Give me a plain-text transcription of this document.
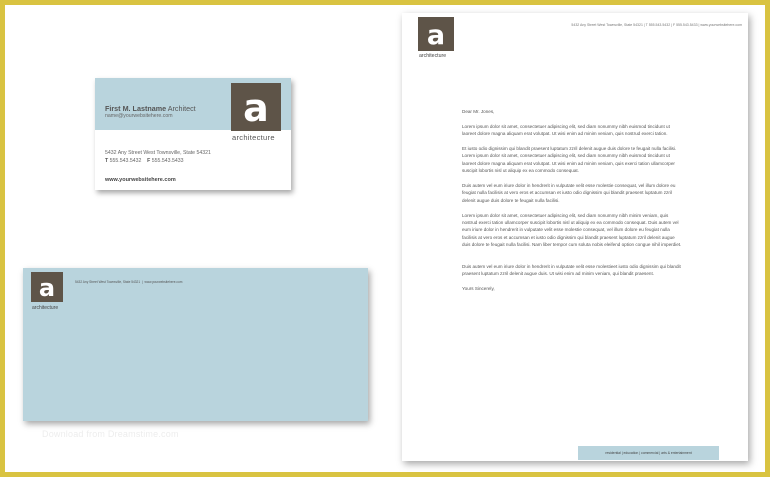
First M. Lastname Architect
name@yourwebsitehere.com	a
architecture
5432 Any Street West Townsville, State 54321
T 555.543.5432 F 555.543.5433
www.yourwebsitehere.com
a
architecture
5432 Any Street West Townsville, State 54321  |  www.yourwebsitehere.com
Download from Dreamstime.com
a
architecture
5432 Any Street West Townsville, State 54321 | T 555.543.5432 | F 555.543.5433 | www.yourwebsitehere.com

Dear Mr. Jones,

Lorem ipsum dolor sit amet, consectetuer adipiscing elit, sed diam nonummy nibh euismod tincidunt ut laoreet dolore magna aliquam erat volutpat. Ut wisi enim ad minim veniam, quis nostrud exerci tation.

Et iusto odio dignissim qui blandit praesent luptatum zzril delenit augue duis dolore te feugait nulla facilisi. Lorem ipsum dolor sit amet, consectetuer adipiscing elit, sed diam nonummy nibh euismod tincidunt ut laoreet dolore magna aliquam erat volutpat. Ut wisi enim ad minim veniam, quis exerci tation ullamcorper suscipit lobortis nisl ut aliquip ex ea commodo consequat.

Duis autem vel eum iriure dolor in hendrerit in vulputate velit esse molestie consequat, vel illum dolore eu feugiat nulla facilisis at vero eros et accumsan et iusto odio dignissim qui blandit praesent luptatum zzril delenit augue duis dolore te feugait nulla facilisi.

Lorem ipsum dolor sit amet, consectetuer adipiscing elit, sed diam nonummy nibh minim veniam, quis nostrud exerci tation ullamcorper suscipit lobortis nisl ut aliquip ex ea commodo consequat. Duis autem vel eum iriure dolor in hendrerit in vulputate velit esse molestie consequat, vel illum dolore eu feugiat nulla facilisis at vero eros et accumsan et iusto odio dignissim qui blandit praesent luptatum zzril delenit augue duis dolore te feugait nulla facilisi. Nam liber tempor cum soluta nobis eleifend option congue nihil imperdiet.

Duis autem vel eum iriure dolor in hendrerit in vulputate velit esse molestieet iusto odio dignissim qui blandit praesent luptatum zzril delenit augue duis. Ut wisi enim ad minim veniam, qui blandit praesent.

Yours Sincerely,

residential | education | commercial | arts & entertainment
